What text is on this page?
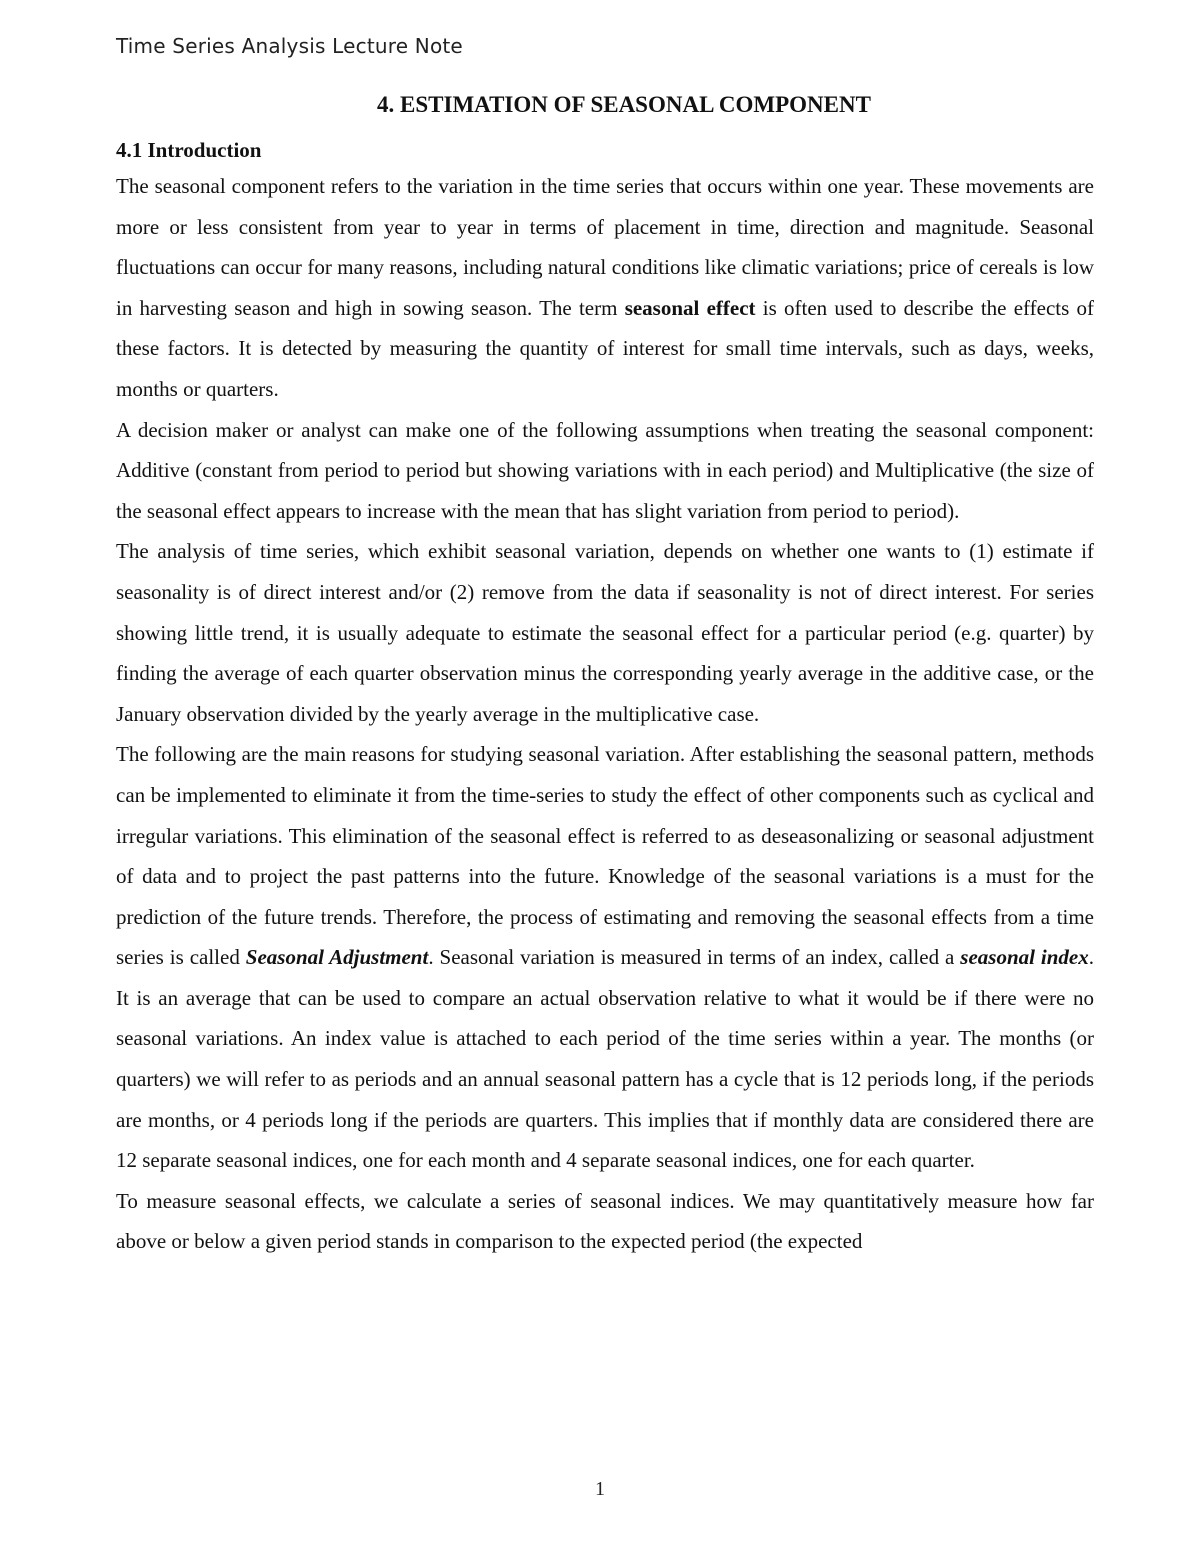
Time Series Analysis Lecture Note
4. ESTIMATION OF SEASONAL COMPONENT
4.1 Introduction

The seasonal component refers to the variation in the time series that occurs within one year. These movements are more or less consistent from year to year in terms of placement in time, direction and magnitude. Seasonal fluctuations can occur for many reasons, including natural conditions like climatic variations; price of cereals is low in harvesting season and high in sowing season. The term seasonal effect is often used to describe the effects of these factors. It is detected by measuring the quantity of interest for small time intervals, such as days, weeks, months or quarters.

A decision maker or analyst can make one of the following assumptions when treating the seasonal component: Additive (constant from period to period but showing variations with in each period) and Multiplicative (the size of the seasonal effect appears to increase with the mean that has slight variation from period to period).

The analysis of time series, which exhibit seasonal variation, depends on whether one wants to (1) estimate if seasonality is of direct interest and/or (2) remove from the data if seasonality is not of direct interest. For series showing little trend, it is usually adequate to estimate the seasonal effect for a particular period (e.g. quarter) by finding the average of each quarter observation minus the corresponding yearly average in the additive case, or the January observation divided by the yearly average in the multiplicative case.

The following are the main reasons for studying seasonal variation. After establishing the seasonal pattern, methods can be implemented to eliminate it from the time-series to study the effect of other components such as cyclical and irregular variations. This elimination of the seasonal effect is referred to as deseasonalizing or seasonal adjustment of data and to project the past patterns into the future. Knowledge of the seasonal variations is a must for the prediction of the future trends. Therefore, the process of estimating and removing the seasonal effects from a time series is called Seasonal Adjustment. Seasonal variation is measured in terms of an index, called a seasonal index. It is an average that can be used to compare an actual observation relative to what it would be if there were no seasonal variations. An index value is attached to each period of the time series within a year. The months (or quarters) we will refer to as periods and an annual seasonal pattern has a cycle that is 12 periods long, if the periods are months, or 4 periods long if the periods are quarters. This implies that if monthly data are considered there are 12 separate seasonal indices, one for each month and 4 separate seasonal indices, one for each quarter.

To measure seasonal effects, we calculate a series of seasonal indices. We may quantitatively measure how far above or below a given period stands in comparison to the expected period (the expected

1
